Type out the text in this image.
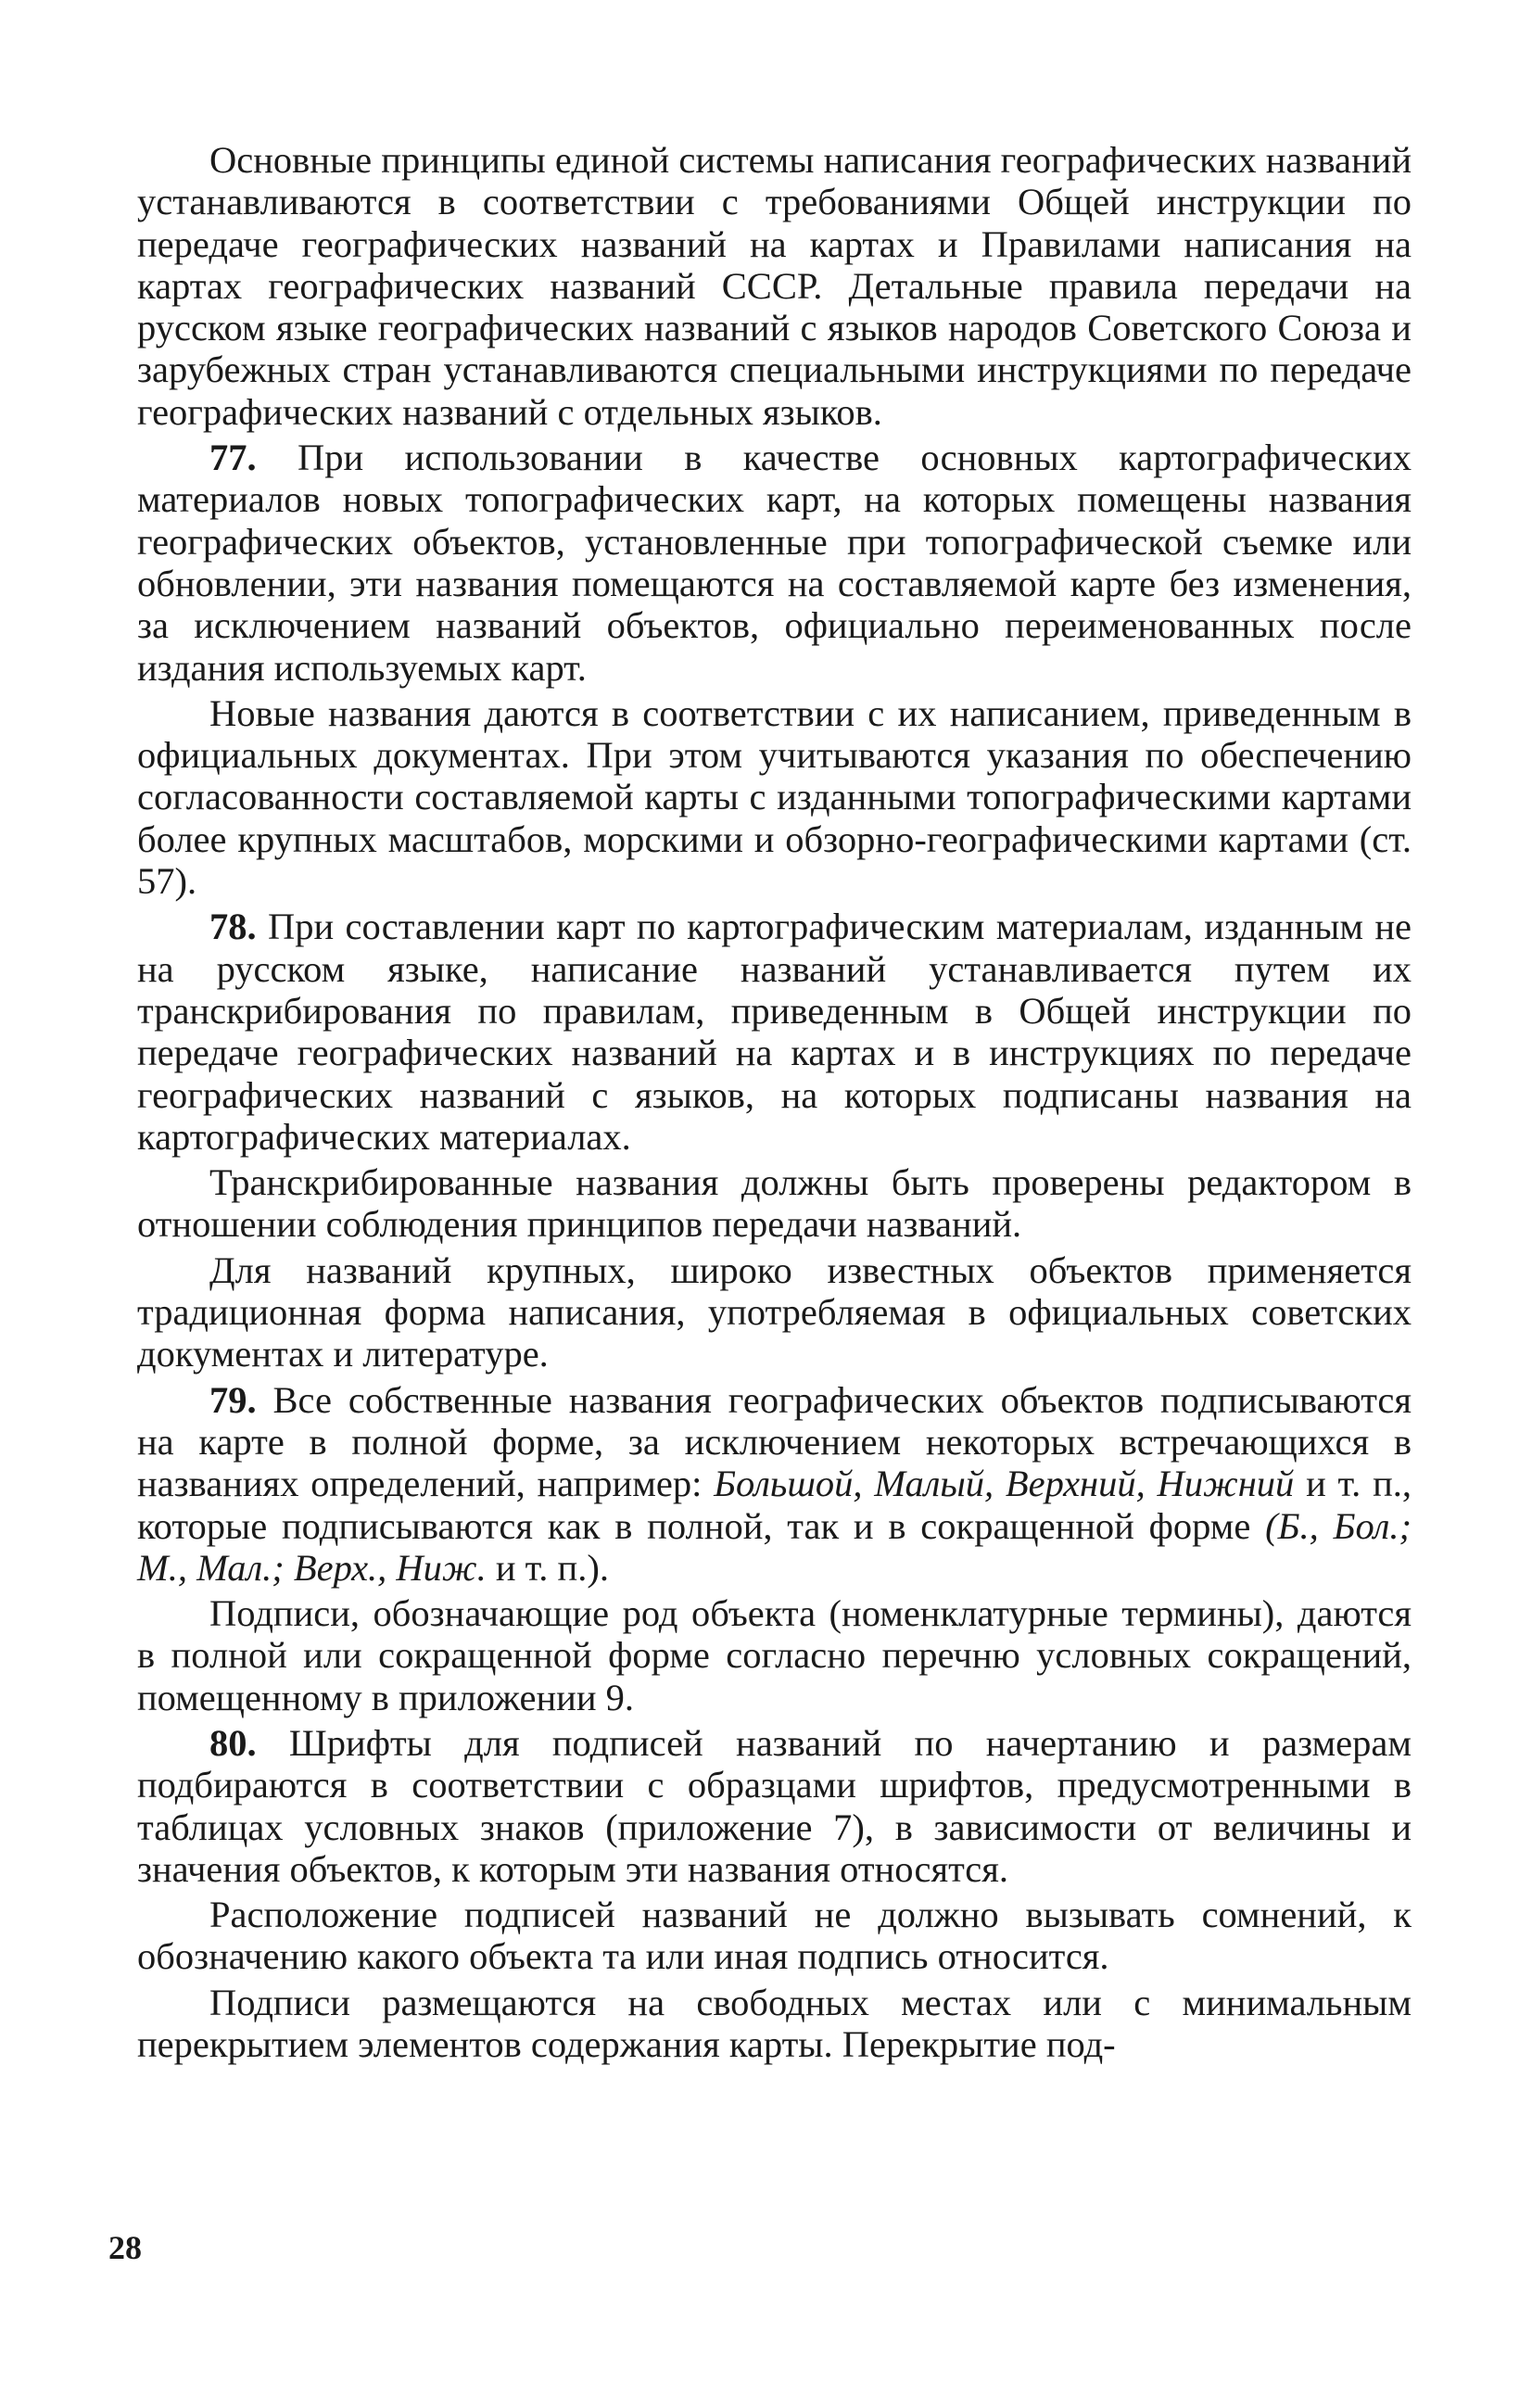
Основные принципы единой системы написания географических названий устанавливаются в соответствии с требованиями Общей инструкции по передаче географических названий на картах и Правилами написания на картах географических названий СССР. Детальные правила передачи на русском языке географических названий с языков народов Советского Союза и зарубежных стран устанавливаются специальными инструкциями по передаче географических названий с отдельных языков.

77. При использовании в качестве основных картографических материалов новых топографических карт, на которых помещены названия географических объектов, установленные при топографической съемке или обновлении, эти названия помещаются на составляемой карте без изменения, за исключением названий объектов, официально переименованных после издания используемых карт.

Новые названия даются в соответствии с их написанием, приведенным в официальных документах. При этом учитываются указания по обеспечению согласованности составляемой карты с изданными топографическими картами более крупных масштабов, морскими и обзорно-географическими картами (ст. 57).

78. При составлении карт по картографическим материалам, изданным не на русском языке, написание названий устанавливается путем их транскрибирования по правилам, приведенным в Общей инструкции по передаче географических названий на картах и в инструкциях по передаче географических названий с языков, на которых подписаны названия на картографических материалах.

Транскрибированные названия должны быть проверены редактором в отношении соблюдения принципов передачи названий.

Для названий крупных, широко известных объектов применяется традиционная форма написания, употребляемая в официальных советских документах и литературе.

79. Все собственные названия географических объектов подписываются на карте в полной форме, за исключением некоторых встречающихся в названиях определений, например: Большой, Малый, Верхний, Нижний и т. п., которые подписываются как в полной, так и в сокращенной форме (Б., Бол.; М., Мал.; Верх., Ниж. и т. п.).

Подписи, обозначающие род объекта (номенклатурные термины), даются в полной или сокращенной форме согласно перечню условных сокращений, помещенному в приложении 9.

80. Шрифты для подписей названий по начертанию и размерам подбираются в соответствии с образцами шрифтов, предусмотренными в таблицах условных знаков (приложение 7), в зависимости от величины и значения объектов, к которым эти названия относятся.

Расположение подписей названий не должно вызывать сомнений, к обозначению какого объекта та или иная подпись относится.

Подписи размещаются на свободных местах или с минимальным перекрытием элементов содержания карты. Перекрытие под-

28
